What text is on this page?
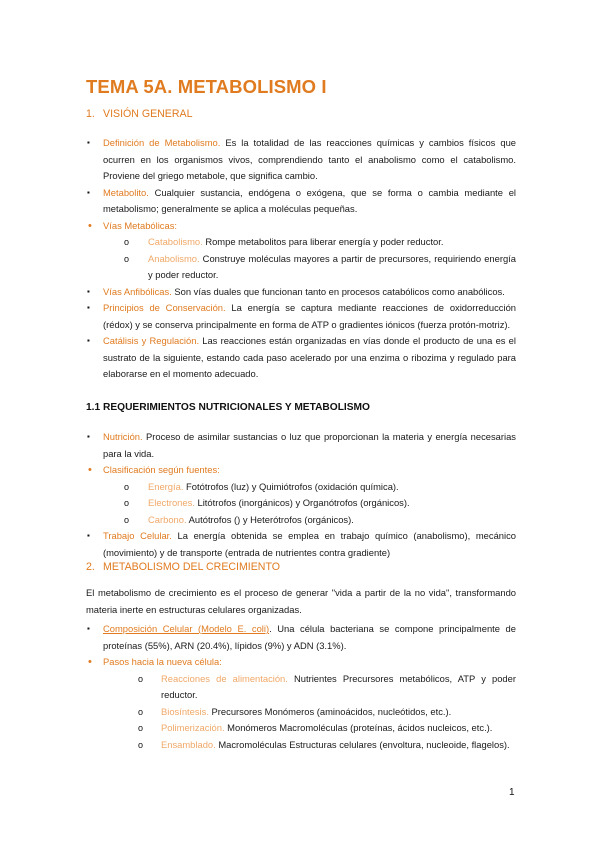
TEMA 5A. METABOLISMO I

1. VISIÓN GENERAL

▪ Definición de Metabolismo. Es la totalidad de las reacciones químicas y cambios físicos que ocurren en los organismos vivos, comprendiendo tanto el anabolismo como el catabolismo. Proviene del griego metabole, que significa cambio.
▪ Metabolito. Cualquier sustancia, endógena o exógena, que se forma o cambia mediante el metabolismo; generalmente se aplica a moléculas pequeñas.
• Vías Metabólicas:
o Catabolismo. Rompe metabolitos para liberar energía y poder reductor.
o Anabolismo. Construye moléculas mayores a partir de precursores, requiriendo energía y poder reductor.
▪ Vías Anfibólicas. Son vías duales que funcionan tanto en procesos catabólicos como anabólicos.
▪ Principios de Conservación. La energía se captura mediante reacciones de oxidorreducción (rédox) y se conserva principalmente en forma de ATP o gradientes iónicos (fuerza protón-motriz).
▪ Catálisis y Regulación. Las reacciones están organizadas en vías donde el producto de una es el sustrato de la siguiente, estando cada paso acelerado por una enzima o ribozima y regulado para elaborarse en el momento adecuado.

1.1 REQUERIMIENTOS NUTRICIONALES Y METABOLISMO

▪ Nutrición. Proceso de asimilar sustancias o luz que proporcionan la materia y energía necesarias para la vida.
• Clasificación según fuentes:
o Energía. Fotótrofos (luz) y Quimiótrofos (oxidación química).
o Electrones. Litótrofos (inorgánicos) y Organótrofos (orgánicos).
o Carbono. Autótrofos () y Heterótrofos (orgánicos).
▪ Trabajo Celular. La energía obtenida se emplea en trabajo químico (anabolismo), mecánico (movimiento) y de transporte (entrada de nutrientes contra gradiente)

2. METABOLISMO DEL CRECIMIENTO

El metabolismo de crecimiento es el proceso de generar "vida a partir de la no vida", transformando materia inerte en estructuras celulares organizadas.

▪ Composición Celular (Modelo E. coli). Una célula bacteriana se compone principalmente de proteínas (55%), ARN (20.4%), lípidos (9%) y ADN (3.1%).
• Pasos hacia la nueva célula:
o Reacciones de alimentación. Nutrientes Precursores metabólicos, ATP y poder reductor.
o Biosíntesis. Precursores Monómeros (aminoácidos, nucleótidos, etc.).
o Polimerización. Monómeros Macromoléculas (proteínas, ácidos nucleicos, etc.).
o Ensamblado. Macromoléculas Estructuras celulares (envoltura, nucleoide, flagelos).
1
